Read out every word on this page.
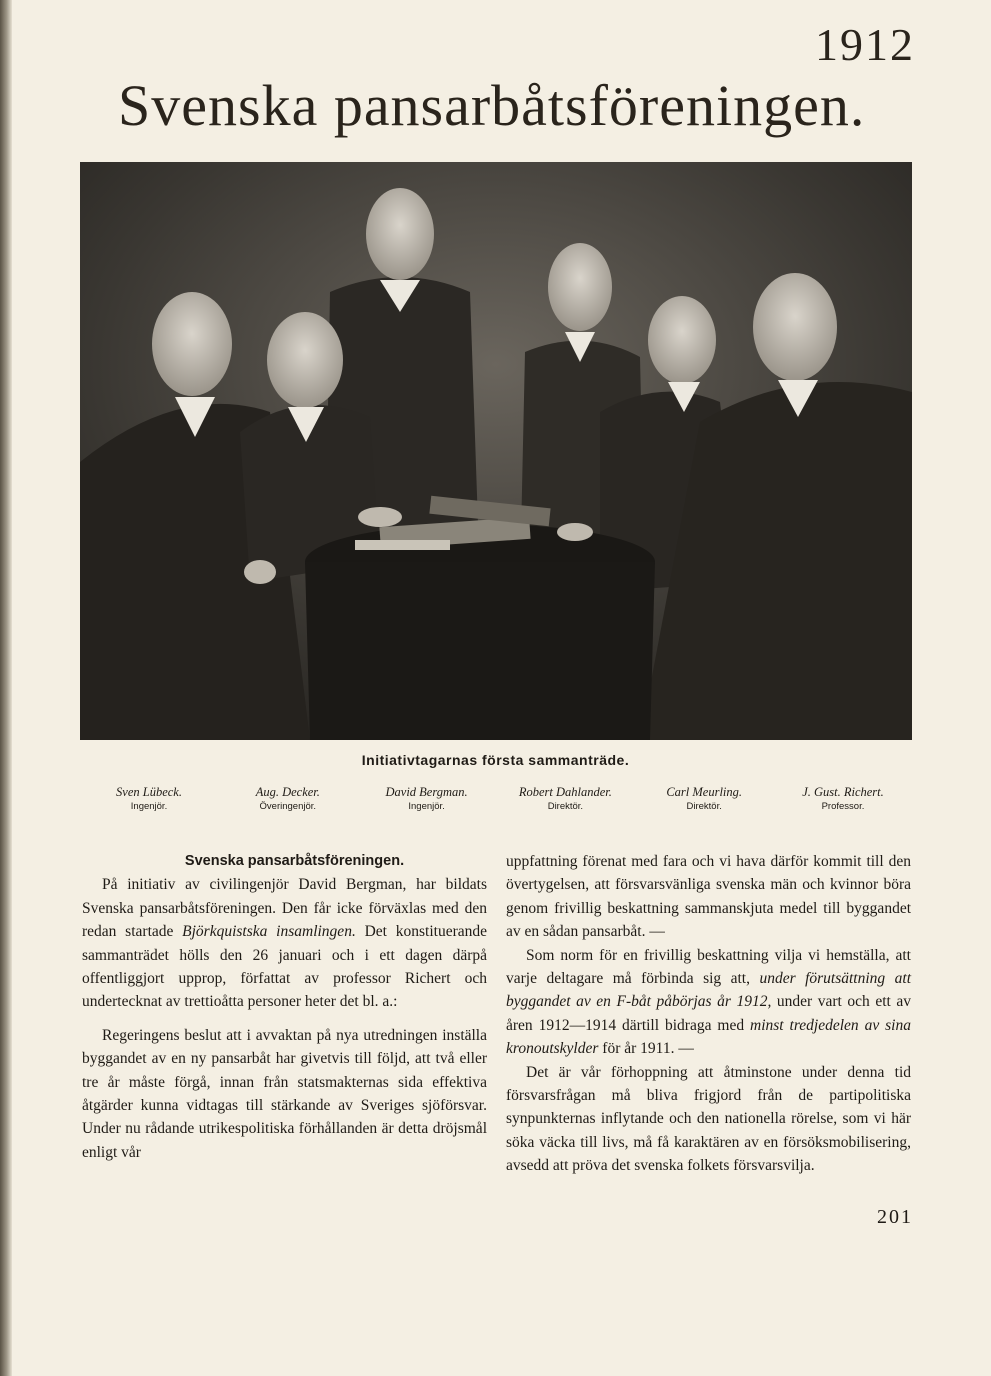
1912
Svenska pansarbåtsföreningen.
Initiativtagarnas första sammanträde.
Sven Lübeck.
Ingenjör.
Aug. Decker.
Överingenjör.
David Bergman.
Ingenjör.
Robert Dahlander.
Direktör.
Carl Meurling.
Direktör.
J. Gust. Richert.
Professor.

Svenska pansarbåtsföreningen.

På initiativ av civilingenjör David Bergman, har bildats Svenska pansarbåtsföreningen. Den får icke förväxlas med den redan startade Björkquistska insamlingen. Det konstituerande sammanträdet hölls den 26 januari och i ett dagen därpå offentliggjort upprop, författat av professor Richert och undertecknat av trettioåtta personer heter det bl. a.:

Regeringens beslut att i avvaktan på nya utredningen inställa byggandet av en ny pansarbåt har givetvis till följd, att två eller tre år måste förgå, innan från statsmakternas sida effektiva åtgärder kunna vidtagas till stärkande av Sveriges sjöförsvar. Under nu rådande utrikespolitiska förhållanden är detta dröjsmål enligt vår

uppfattning förenat med fara och vi hava därför kommit till den övertygelsen, att försvarsvänliga svenska män och kvinnor böra genom frivillig beskattning sammanskjuta medel till byggandet av en sådan pansarbåt. —

Som norm för en frivillig beskattning vilja vi hemställa, att varje deltagare må förbinda sig att, under förutsättning att byggandet av en F-båt påbörjas år 1912, under vart och ett av åren 1912—1914 därtill bidraga med minst tredjedelen av sina kronoutskylder för år 1911. —

Det är vår förhoppning att åtminstone under denna tid försvarsfrågan må bliva frigjord från de partipolitiska synpunkternas inflytande och den nationella rörelse, som vi här söka väcka till livs, må få karaktären av en försöksmobilisering, avsedd att pröva det svenska folkets försvarsvilja.

201
